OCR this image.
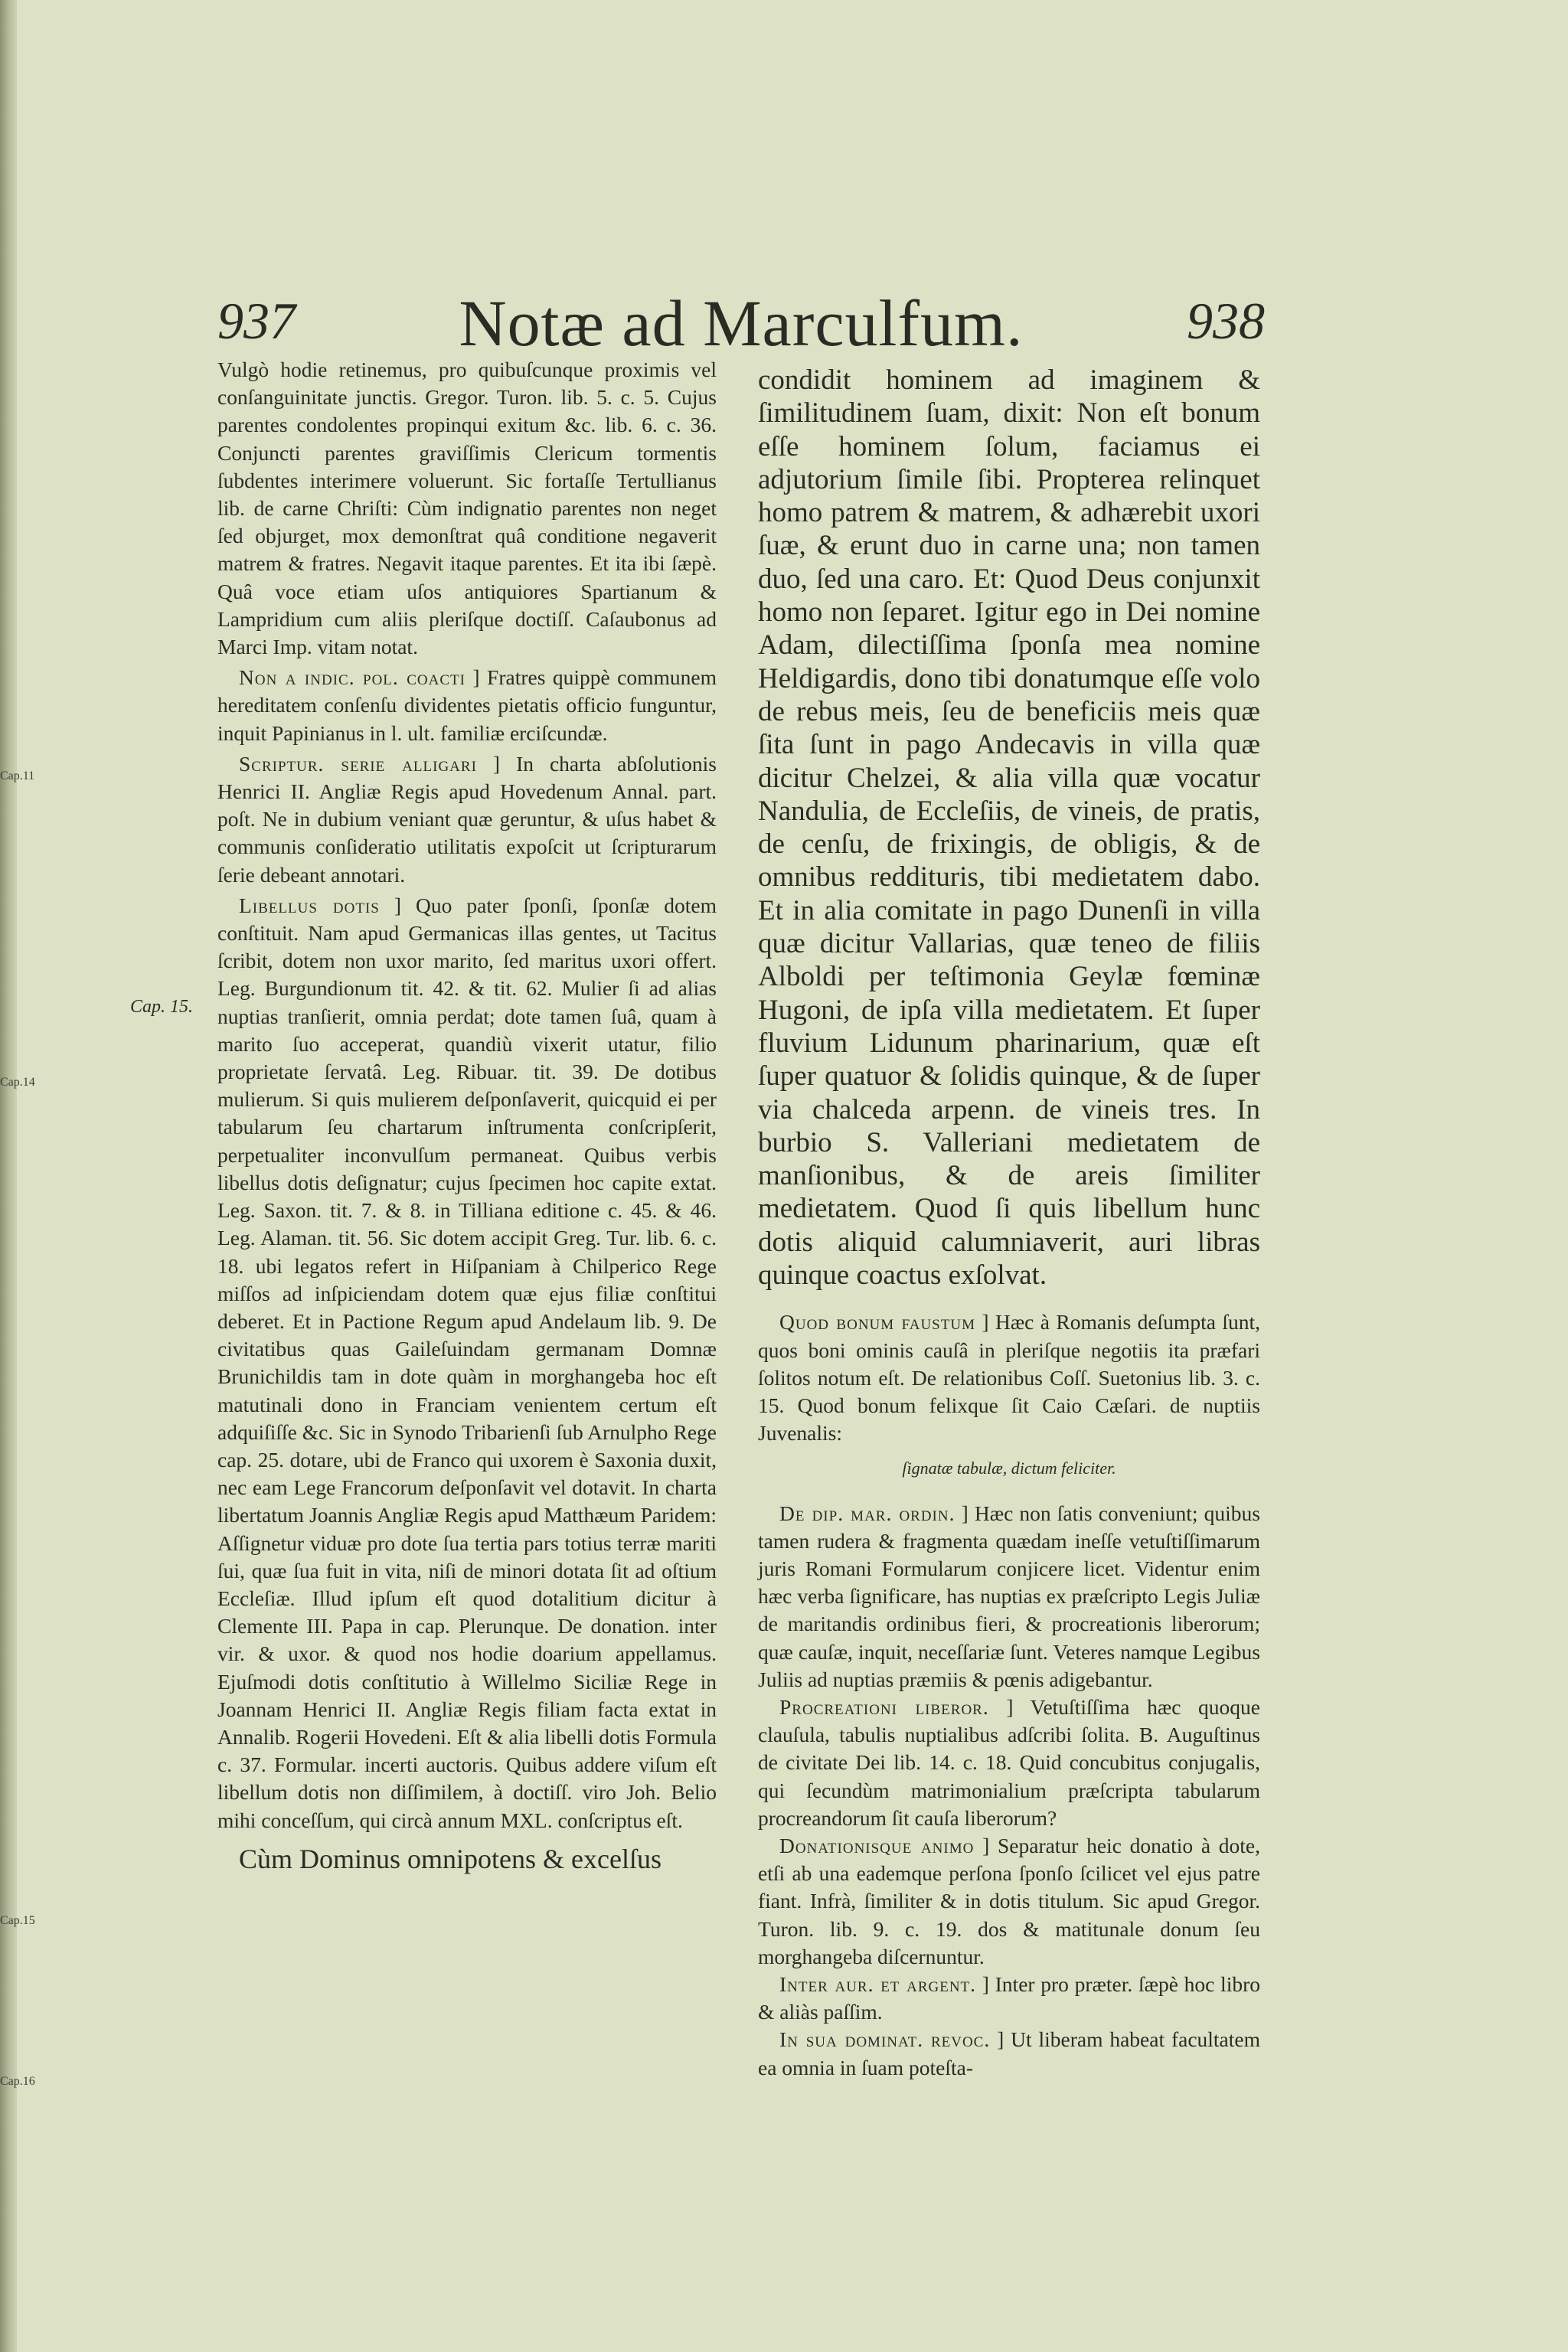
Cap.11
Cap.14
Cap.15
Cap.16
937	Notæ ad Marculfum.	938
Cap. 15.

Vulgò hodie retinemus, pro quibuſcunque proximis vel conſanguinitate junctis. Gregor. Turon. lib. 5. c. 5. Cujus parentes condolentes propinqui exitum &c. lib. 6. c. 36. Conjuncti parentes graviſſimis Clericum tormentis ſubdentes interimere voluerunt. Sic fortaſſe Tertullianus lib. de carne Chriſti: Cùm indignatio parentes non neget ſed objurget, mox demonſtrat quâ conditione negaverit matrem & fratres. Negavit itaque parentes. Et ita ibi ſæpè. Quâ voce etiam uſos antiquiores Spartianum & Lampridium cum aliis pleriſque doctiſſ. Caſaubonus ad Marci Imp. vitam notat.

Non a indic. pol. coacti ] Fratres quippè communem hereditatem conſenſu dividentes pietatis officio funguntur, inquit Papinianus in l. ult. familiæ erciſcundæ.

Scriptur. serie alligari ] In charta abſolutionis Henrici II. Angliæ Regis apud Hovedenum Annal. part. poſt. Ne in dubium veniant quæ geruntur, & uſus habet & communis conſideratio utilitatis expoſcit ut ſcripturarum ſerie debeant annotari.

Libellus dotis ] Quo pater ſponſi, ſponſæ dotem conſtituit. Nam apud Germanicas illas gentes, ut Tacitus ſcribit, dotem non uxor marito, ſed maritus uxori offert. Leg. Burgundionum tit. 42. & tit. 62. Mulier ſi ad alias nuptias tranſierit, omnia perdat; dote tamen ſuâ, quam à marito ſuo acceperat, quandiù vixerit utatur, filio proprietate ſervatâ. Leg. Ribuar. tit. 39. De dotibus mulierum. Si quis mulierem deſponſaverit, quicquid ei per tabularum ſeu chartarum inſtrumenta conſcripſerit, perpetualiter inconvulſum permaneat. Quibus verbis libellus dotis deſignatur; cujus ſpecimen hoc capite extat. Leg. Saxon. tit. 7. & 8. in Tilliana editione c. 45. & 46. Leg. Alaman. tit. 56. Sic dotem accipit Greg. Tur. lib. 6. c. 18. ubi legatos refert in Hiſpaniam à Chilperico Rege miſſos ad inſpiciendam dotem quæ ejus filiæ conſtitui deberet. Et in Pactione Regum apud Andelaum lib. 9. De civitatibus quas Gaileſuindam germanam Domnæ Brunichildis tam in dote quàm in morghangeba hoc eſt matutinali dono in Franciam venientem certum eſt adquiſiſſe &c. Sic in Synodo Tribarienſi ſub Arnulpho Rege cap. 25. dotare, ubi de Franco qui uxorem è Saxonia duxit, nec eam Lege Francorum deſponſavit vel dotavit. In charta libertatum Joannis Angliæ Regis apud Matthæum Paridem: Aſſignetur viduæ pro dote ſua tertia pars totius terræ mariti ſui, quæ ſua fuit in vita, niſi de minori dotata ſit ad oſtium Eccleſiæ. Illud ipſum eſt quod dotalitium dicitur à Clemente III. Papa in cap. Plerunque. De donation. inter vir. & uxor. & quod nos hodie doarium appellamus. Ejuſmodi dotis conſtitutio à Willelmo Siciliæ Rege in Joannam Henrici II. Angliæ Regis filiam facta extat in Annalib. Rogerii Hovedeni. Eſt & alia libelli dotis Formula c. 37. Formular. incerti auctoris. Quibus addere viſum eſt libellum dotis non diſſimilem, à doctiſſ. viro Joh. Belio mihi conceſſum, qui circà annum MXL. conſcriptus eſt.

Cùm Dominus omnipotens & excelſus

condidit hominem ad imaginem & ſimilitudinem ſuam, dixit: Non eſt bonum eſſe hominem ſolum, faciamus ei adjutorium ſimile ſibi. Propterea relinquet homo patrem & matrem, & adhærebit uxori ſuæ, & erunt duo in carne una; non tamen duo, ſed una caro. Et: Quod Deus conjunxit homo non ſeparet. Igitur ego in Dei nomine Adam, dilectiſſima ſponſa mea nomine Heldigardis, dono tibi donatumque eſſe volo de rebus meis, ſeu de beneficiis meis quæ ſita ſunt in pago Andecavis in villa quæ dicitur Chelzei, & alia villa quæ vocatur Nandulia, de Eccleſiis, de vineis, de pratis, de cenſu, de frixingis, de obligis, & de omnibus reddituris, tibi medietatem dabo. Et in alia comitate in pago Dunenſi in villa quæ dicitur Vallarias, quæ teneo de filiis Alboldi per teſtimonia Geylæ fœminæ Hugoni, de ipſa villa medietatem. Et ſuper fluvium Lidunum pharinarium, quæ eſt ſuper quatuor & ſolidis quinque, & de ſuper via chalceda arpenn. de vineis tres. In burbio S. Valleriani medietatem de manſionibus, & de areis ſimiliter medietatem. Quod ſi quis libellum hunc dotis aliquid calumniaverit, auri libras quinque coactus exſolvat.

Quod bonum faustum ] Hæc à Romanis deſumpta ſunt, quos boni ominis cauſâ in pleriſque negotiis ita præfari ſolitos notum eſt. De relationibus Coſſ. Suetonius lib. 3. c. 15. Quod bonum felixque ſit Caio Cæſari. de nuptiis Juvenalis:

ſignatæ tabulæ, dictum feliciter.

De dip. mar. ordin. ] Hæc non ſatis conveniunt; quibus tamen rudera & fragmenta quædam ineſſe vetuſtiſſimarum juris Romani Formularum conjicere licet. Videntur enim hæc verba ſignificare, has nuptias ex præſcripto Legis Juliæ de maritandis ordinibus fieri, & procreationis liberorum; quæ cauſæ, inquit, neceſſariæ ſunt. Veteres namque Legibus Juliis ad nuptias præmiis & pœnis adigebantur.

Procreationi liberor. ] Vetuſtiſſima hæc quoque clauſula, tabulis nuptialibus adſcribi ſolita. B. Auguſtinus de civitate Dei lib. 14. c. 18. Quid concubitus conjugalis, qui ſecundùm matrimonialium præſcripta tabularum procreandorum ſit cauſa liberorum?

Donationisque animo ] Separatur heic donatio à dote, etſi ab una eademque perſona ſponſo ſcilicet vel ejus patre fiant. Infrà, ſimiliter & in dotis titulum. Sic apud Gregor. Turon. lib. 9. c. 19. dos & matitunale donum ſeu morghangeba diſcernuntur.

Inter aur. et argent. ] Inter pro præter. ſæpè hoc libro & aliàs paſſim.

In sua dominat. revoc. ] Ut liberam habeat facultatem ea omnia in ſuam poteſta-
